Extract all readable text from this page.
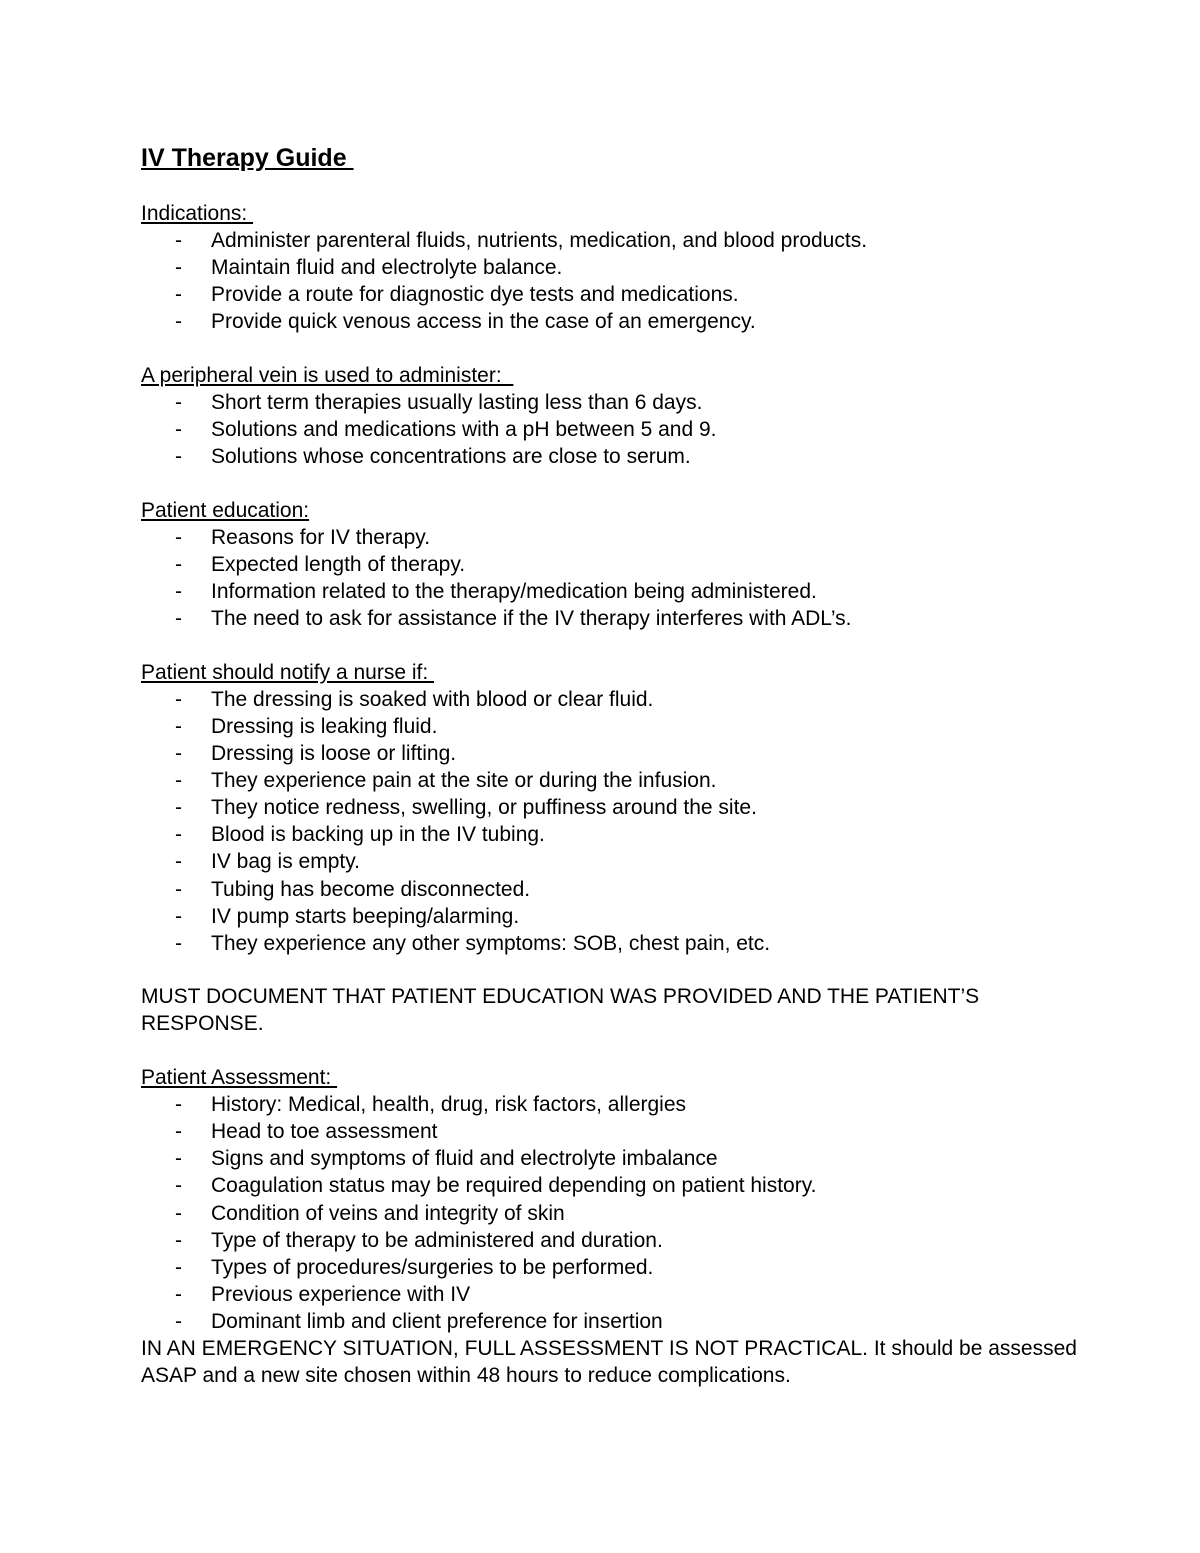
IV Therapy Guide
Indications:
- Administer parenteral fluids, nutrients, medication, and blood products.
- Maintain fluid and electrolyte balance.
- Provide a route for diagnostic dye tests and medications.
- Provide quick venous access in the case of an emergency.
A peripheral vein is used to administer:
- Short term therapies usually lasting less than 6 days.
- Solutions and medications with a pH between 5 and 9.
- Solutions whose concentrations are close to serum.
Patient education:
- Reasons for IV therapy.
- Expected length of therapy.
- Information related to the therapy/medication being administered.
- The need to ask for assistance if the IV therapy interferes with ADL’s.
Patient should notify a nurse if:
- The dressing is soaked with blood or clear fluid.
- Dressing is leaking fluid.
- Dressing is loose or lifting.
- They experience pain at the site or during the infusion.
- They notice redness, swelling, or puffiness around the site.
- Blood is backing up in the IV tubing.
- IV bag is empty.
- Tubing has become disconnected.
- IV pump starts beeping/alarming.
- They experience any other symptoms: SOB, chest pain, etc.

MUST DOCUMENT THAT PATIENT EDUCATION WAS PROVIDED AND THE PATIENT’S RESPONSE.

Patient Assessment:
- History: Medical, health, drug, risk factors, allergies
- Head to toe assessment
- Signs and symptoms of fluid and electrolyte imbalance
- Coagulation status may be required depending on patient history.
- Condition of veins and integrity of skin
- Type of therapy to be administered and duration.
- Types of procedures/surgeries to be performed.
- Previous experience with IV
- Dominant limb and client preference for insertion

IN AN EMERGENCY SITUATION, FULL ASSESSMENT IS NOT PRACTICAL. It should be assessed ASAP and a new site chosen within 48 hours to reduce complications.
